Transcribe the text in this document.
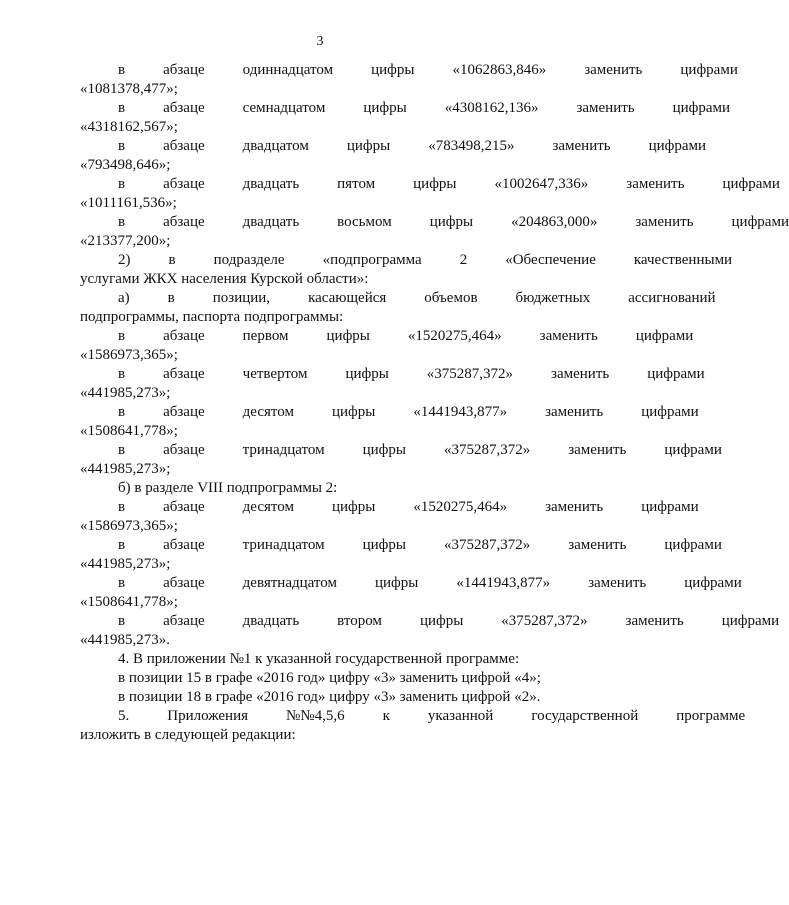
3
в	абзаце	одиннадцатом	цифры	«1062863,846»	заменить	цифрами
«1081378,477»;
в	абзаце	семнадцатом	цифры	«4308162,136»	заменить	цифрами
«4318162,567»;
в	абзаце	двадцатом	цифры	«783498,215»	заменить	цифрами
«793498,646»;
в	абзаце	двадцать	пятом	цифры	«1002647,336»	заменить	цифрами
«1011161,536»;
в	абзаце	двадцать	восьмом	цифры	«204863,000»	заменить	цифрами
«213377,200»;
2)	в	подразделе	«подпрограмма	2	«Обеспечение	качественными
услугами ЖКХ населения Курской области»:
а)	в	позиции,	касающейся	объемов	бюджетных	ассигнований
подпрограммы, паспорта подпрограммы:
в	абзаце	первом	цифры	«1520275,464»	заменить	цифрами
«1586973,365»;
в	абзаце	четвертом	цифры	«375287,372»	заменить	цифрами
«441985,273»;
в	абзаце	десятом	цифры	«1441943,877»	заменить	цифрами
«1508641,778»;
в	абзаце	тринадцатом	цифры	«375287,372»	заменить	цифрами
«441985,273»;
б) в разделе VIII подпрограммы 2:
в	абзаце	десятом	цифры	«1520275,464»	заменить	цифрами
«1586973,365»;
в	абзаце	тринадцатом	цифры	«375287,372»	заменить	цифрами
«441985,273»;
в	абзаце	девятнадцатом	цифры	«1441943,877»	заменить	цифрами
«1508641,778»;
в	абзаце	двадцать	втором	цифры	«375287,372»	заменить	цифрами
«441985,273».
4. В приложении №1 к указанной государственной программе:
в позиции 15 в графе «2016 год» цифру «3» заменить цифрой «4»;
в позиции 18 в графе «2016 год» цифру «3» заменить цифрой «2».
5.	Приложения	№№4,5,6	к	указанной	государственной	программе
изложить в следующей редакции:
